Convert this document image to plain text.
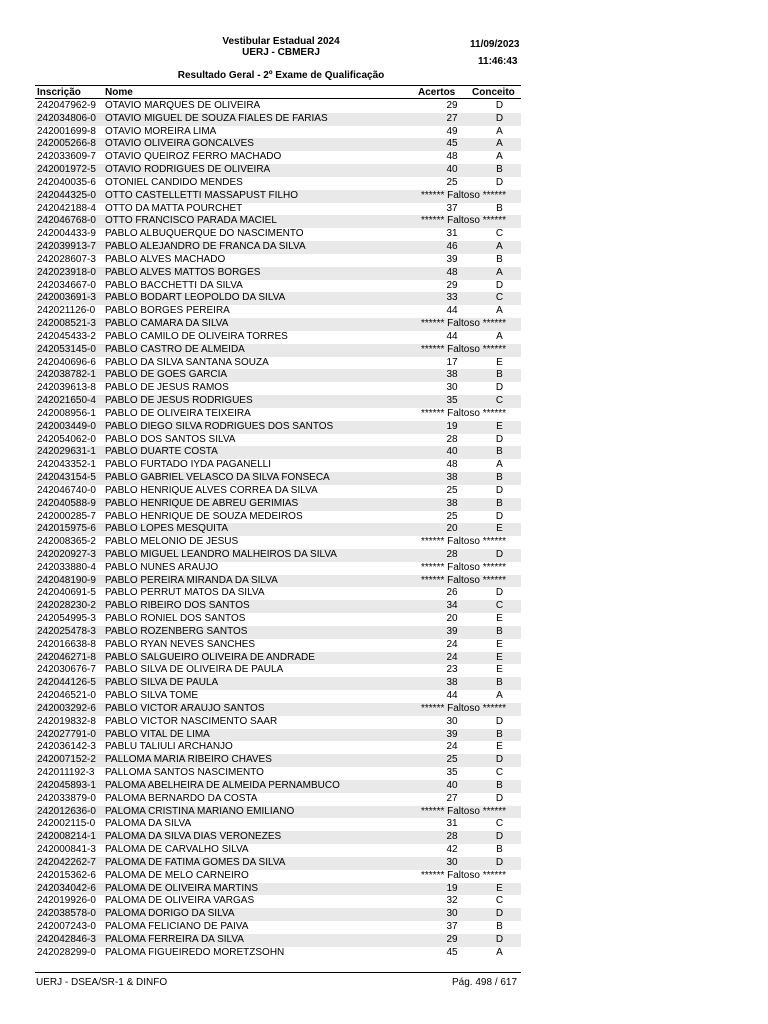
Vestibular Estadual 2024
UERJ - CBMERJ
Resultado Geral - 2º Exame de Qualificação
11/09/2023
11:46:43
Inscrição Nome	Acertos Conceito
242047962-9 OTAVIO MARQUES DE OLIVEIRA	29	D
242034806-0 OTAVIO MIGUEL DE SOUZA FIALES DE FARIAS	27	D
242001699-8 OTAVIO MOREIRA LIMA	49	A
242005266-8 OTAVIO OLIVEIRA GONCALVES	45	A
242033609-7 OTAVIO QUEIROZ FERRO MACHADO	48	A
242001972-5 OTAVIO RODRIGUES DE OLIVEIRA	40	B
242040035-6 OTONIEL CANDIDO MENDES	25	D
242044325-0 OTTO CASTELLETTI MASSAPUST FILHO	****** Faltoso ******
242042188-4 OTTO DA MATTA POURCHET	37	B
242046768-0 OTTO FRANCISCO PARADA MACIEL	****** Faltoso ******
242004433-9 PABLO ALBUQUERQUE DO NASCIMENTO	31	C
242039913-7 PABLO ALEJANDRO DE FRANCA DA SILVA	46	A
242028607-3 PABLO ALVES MACHADO	39	B
242023918-0 PABLO ALVES MATTOS BORGES	48	A
242034667-0 PABLO BACCHETTI DA SILVA	29	D
242003691-3 PABLO BODART LEOPOLDO DA SILVA	33	C
242021126-0 PABLO BORGES PEREIRA	44	A
242008521-3 PABLO CAMARA DA SILVA	****** Faltoso ******
242045433-2 PABLO CAMILO DE OLIVEIRA TORRES	44	A
242053145-0 PABLO CASTRO DE ALMEIDA	****** Faltoso ******
242040696-6 PABLO DA SILVA SANTANA SOUZA	17	E
242038782-1 PABLO DE GOES GARCIA	38	B
242039613-8 PABLO DE JESUS RAMOS	30	D
242021650-4 PABLO DE JESUS RODRIGUES	35	C
242008956-1 PABLO DE OLIVEIRA TEIXEIRA	****** Faltoso ******
242003449-0 PABLO DIEGO SILVA RODRIGUES DOS SANTOS	19	E
242054062-0 PABLO DOS SANTOS SILVA	28	D
242029631-1 PABLO DUARTE COSTA	40	B
242043352-1 PABLO FURTADO IYDA PAGANELLI	48	A
242043154-5 PABLO GABRIEL VELASCO DA SILVA FONSECA	38	B
242046740-0 PABLO HENRIQUE ALVES CORREA DA SILVA	25	D
242040588-9 PABLO HENRIQUE DE ABREU GERIMIAS	38	B
242000285-7 PABLO HENRIQUE DE SOUZA MEDEIROS	25	D
242015975-6 PABLO LOPES MESQUITA	20	E
242008365-2 PABLO MELONIO DE JESUS	****** Faltoso ******
242020927-3 PABLO MIGUEL LEANDRO MALHEIROS DA SILVA	28	D
242033880-4 PABLO NUNES ARAUJO	****** Faltoso ******
242048190-9 PABLO PEREIRA MIRANDA DA SILVA	****** Faltoso ******
242040691-5 PABLO PERRUT MATOS DA SILVA	26	D
242028230-2 PABLO RIBEIRO DOS SANTOS	34	C
242054995-3 PABLO RONIEL DOS SANTOS	20	E
242025478-3 PABLO ROZENBERG SANTOS	39	B
242016638-8 PABLO RYAN NEVES SANCHES	24	E
242046271-8 PABLO SALGUEIRO OLIVEIRA DE ANDRADE	24	E
242030676-7 PABLO SILVA DE OLIVEIRA DE PAULA	23	E
242044126-5 PABLO SILVA DE PAULA	38	B
242046521-0 PABLO SILVA TOME	44	A
242003292-6 PABLO VICTOR ARAUJO SANTOS	****** Faltoso ******
242019832-8 PABLO VICTOR NASCIMENTO SAAR	30	D
242027791-0 PABLO VITAL DE LIMA	39	B
242036142-3 PABLU TALIULI ARCHANJO	24	E
242007152-2 PALLOMA MARIA RIBEIRO CHAVES	25	D
242011192-3 PALLOMA SANTOS NASCIMENTO	35	C
242045893-1 PALOMA ABELHEIRA DE ALMEIDA PERNAMBUCO	40	B
242033879-0 PALOMA BERNARDO DA COSTA	27	D
242012636-0 PALOMA CRISTINA MARIANO EMILIANO	****** Faltoso ******
242002115-0 PALOMA DA SILVA	31	C
242008214-1 PALOMA DA SILVA DIAS VERONEZES	28	D
242000841-3 PALOMA DE CARVALHO SILVA	42	B
242042262-7 PALOMA DE FATIMA GOMES DA SILVA	30	D
242015362-6 PALOMA DE MELO CARNEIRO	****** Faltoso ******
242034042-6 PALOMA DE OLIVEIRA MARTINS	19	E
242019926-0 PALOMA DE OLIVEIRA VARGAS	32	C
242038578-0 PALOMA DORIGO DA SILVA	30	D
242007243-0 PALOMA FELICIANO DE PAIVA	37	B
242042846-3 PALOMA FERREIRA DA SILVA	29	D
242028299-0 PALOMA FIGUEIREDO MORETZSOHN	45	A
UERJ - DSEA/SR-1 & DINFO	Pág. 498 / 617
